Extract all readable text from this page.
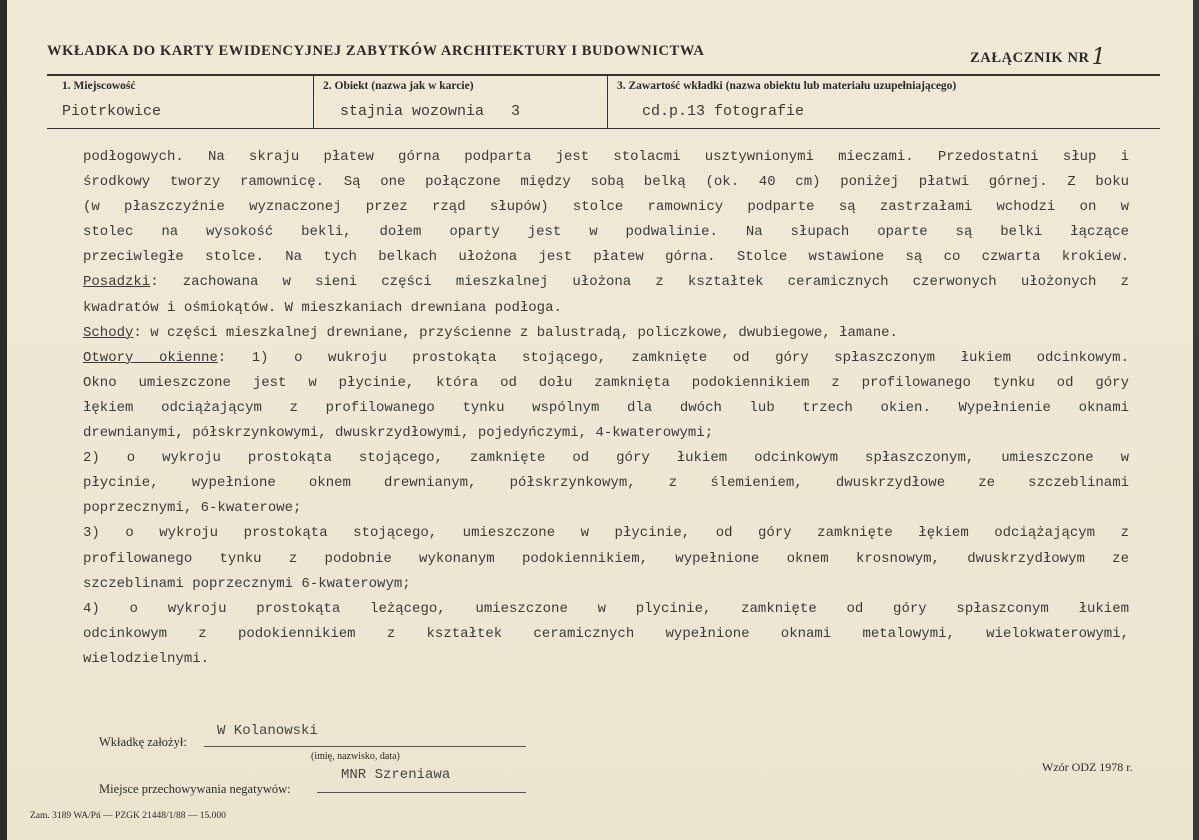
WKŁADKA DO KARTY EWIDENCYJNEJ ZABYTKÓW ARCHITEKTURY I BUDOWNICTWA	ZAŁĄCZNIK NR1
1. Miejscowość	2. Obiekt (nazwa jak w karcie)	3. Zawartość wkładki (nazwa obiektu lub materiału uzupełniającego)
Piotrkowice	stajnia wozownia   3	cd.p.13 fotografie
podłogowych. Na skraju płatew górna podparta jest stolacmi usztywnionymi mieczami. Przedostatni słup i
środkowy tworzy ramownicę. Są one połączone między sobą belką (ok. 40 cm) poniżej płatwi górnej. Z boku
(w płaszczyźnie wyznaczonej przez rząd słupów) stolce ramownicy podparte są zastrzałami wchodzi on w
stolec na wysokość bekli, dołem oparty jest w podwalinie. Na słupach oparte są belki łączące
przeciwległe stolce. Na tych belkach ułożona jest płatew górna. Stolce wstawione są co czwarta krokiew.
Posadzki: zachowana w sieni części mieszkalnej ułożona z kształtek ceramicznych czerwonych ułożonych z
kwadratów i ośmiokątów. W mieszkaniach drewniana podłoga.
Schody: w części mieszkalnej drewniane, przyścienne z balustradą, policzkowe, dwubiegowe, łamane.
Otwory okienne: 1) o wukroju prostokąta stojącego, zamknięte od góry spłaszczonym łukiem odcinkowym.
Okno umieszczone jest w płycinie, która od dołu zamknięta podokiennikiem z profilowanego tynku od góry
łękiem odciążającym z profilowanego tynku wspólnym dla dwóch lub trzech okien. Wypełnienie oknami
drewnianymi, półskrzynkowymi, dwuskrzydłowymi, pojedyńczymi, 4-kwaterowymi;
2) o wykroju prostokąta stojącego, zamknięte od góry łukiem odcinkowym spłaszczonym, umieszczone w
płycinie, wypełnione oknem drewnianym, półskrzynkowym, z ślemieniem, dwuskrzydłowe ze szczeblinami
poprzecznymi, 6-kwaterowe;
3) o wykroju prostokąta stojącego, umieszczone w płycinie, od góry zamknięte łękiem odciążającym z
profilowanego tynku z podobnie wykonanym podokiennikiem, wypełnione oknem krosnowym, dwuskrzydłowym ze
szczeblinami poprzecznymi 6-kwaterowym;
4) o wykroju prostokąta leżącego, umieszczone w plycinie, zamknięte od góry spłaszconym łukiem
odcinkowym z podokiennikiem z kształtek ceramicznych wypełnione oknami metalowymi, wielokwaterowymi,
wielodzielnymi.
Wkładkę założył:
W Kolanowski
(imię, nazwisko, data)
Miejsce przechowywania negatywów:
MNR Szreniawa	Wzór ODZ 1978 r.
Zam. 3189 WA/Pń — PZGK 21448/1/88 — 15.000
